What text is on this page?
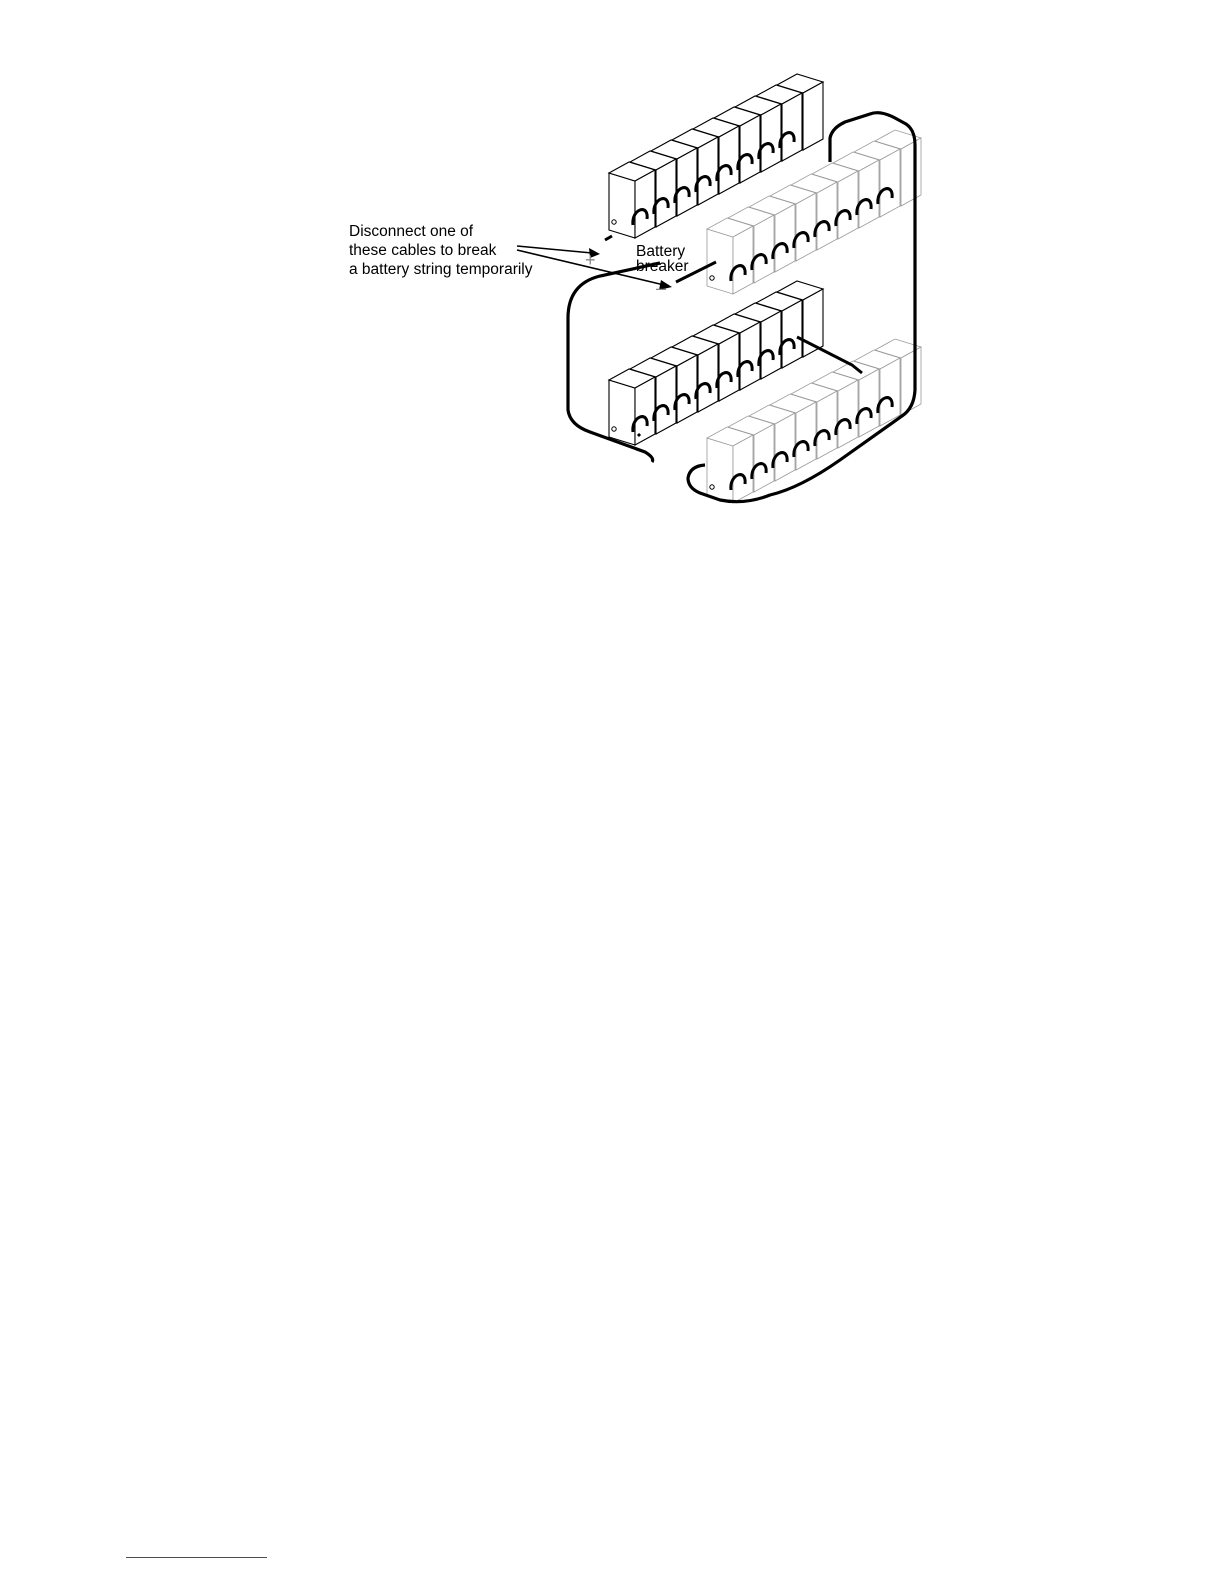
+
–
Disconnect one of
these cables to break
a battery string temporarily
Battery
breaker
